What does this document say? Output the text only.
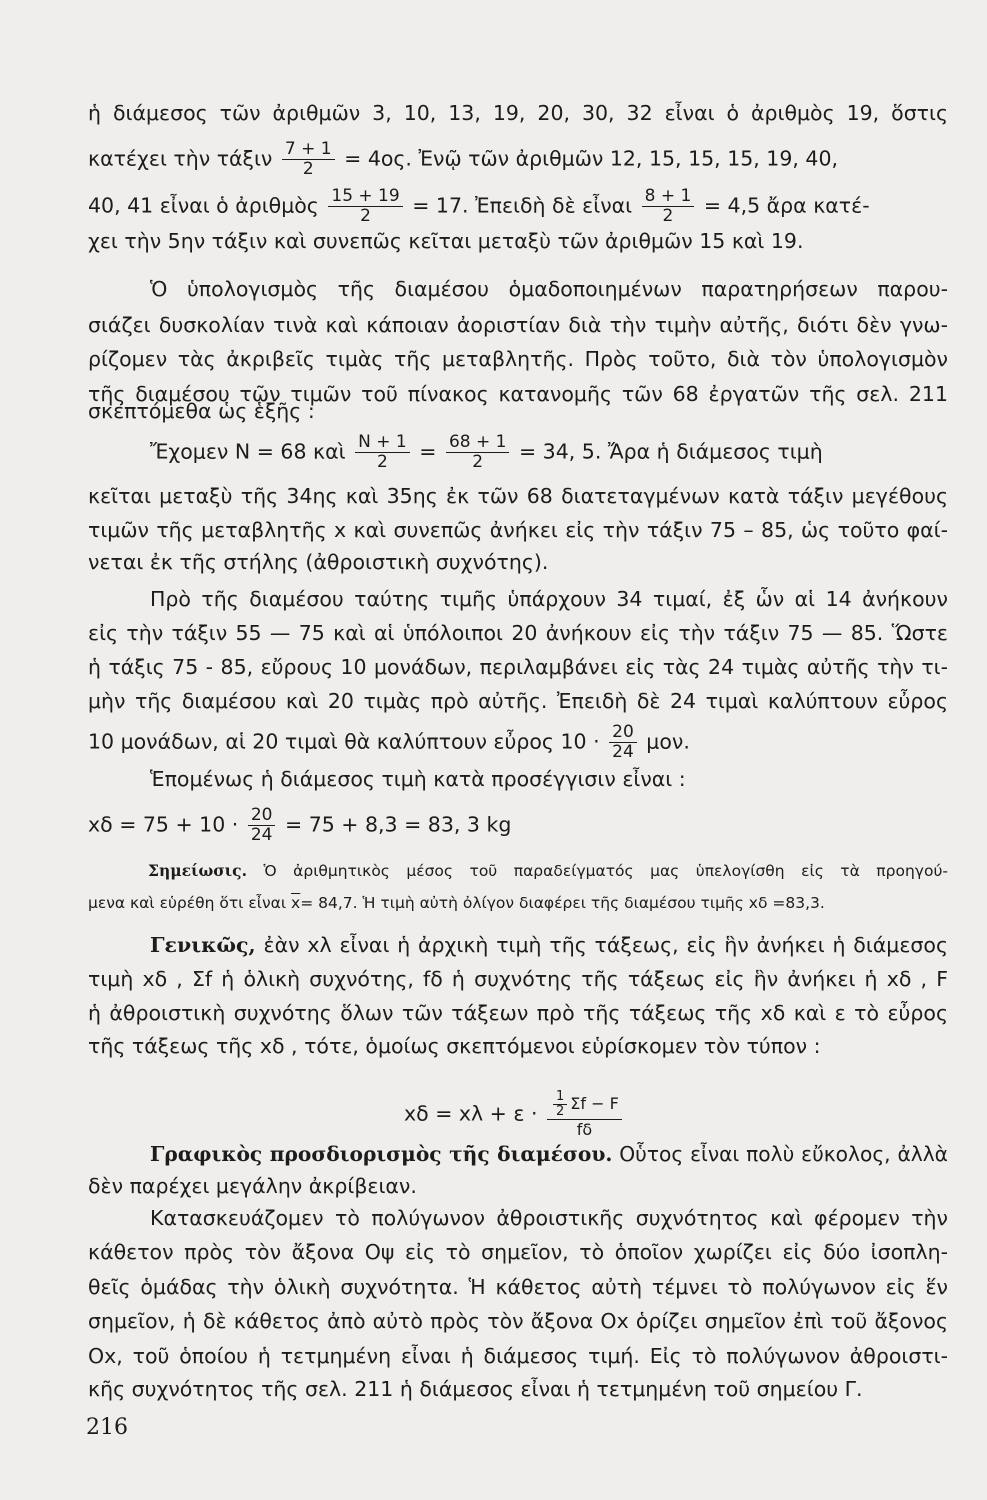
ἡ διάμεσος τῶν ἀριθμῶν 3, 10, 13, 19, 20, 30, 32 εἶναι ὁ ἀριθμὸς 19, ὅστις
κατέχει τὴν τάξιν $\frac{7 + 1}{2} = 4o\varsigma$. Ἐνῷ τῶν ἀριθμῶν 12, 15, 15, 15, 19, 40,
40, 41 εἶναι ὁ ἀριθμὸς $\frac{15 + 19}{2} = 17$. Ἐπειδὴ δὲ εἶναι $\frac{8 + 1}{2} = 4,5$ ἄρα κατέ-
χει τὴν 5ην τάξιν καὶ συνεπῶς κεῖται μεταξὺ τῶν ἀριθμῶν 15 καὶ 19.
Ὁ ὑπολογισμὸς τῆς διαμέσου ὁμαδοποιημένων παρατηρήσεων παρου-
σιάζει δυσκολίαν τινὰ καὶ κάποιαν ἀοριστίαν διὰ τὴν τιμὴν αὐτῆς, διότι δὲν γνω-
ρίζομεν τὰς ἀκριβεῖς τιμὰς τῆς μεταβλητῆς. Πρὸς τοῦτο, διὰ τὸν ὑπολογισμὸν
τῆς διαμέσου τῶν τιμῶν τοῦ πίνακος κατανομῆς τῶν 68 ἐργατῶν τῆς σελ. 211
σκεπτόμεθα ὡς ἑξῆς :
Ἔχομεν N = 68 καὶ $\frac{N + 1}{2} = \frac{68 + 1}{2} = 34$, 5. Ἄρα ἡ διάμεσος τιμὴ
κεῖται μεταξὺ τῆς 34ης καὶ 35ης ἐκ τῶν 68 διατεταγμένων κατὰ τάξιν μεγέθους
τιμῶν τῆς μεταβλητῆς x καὶ συνεπῶς ἀνήκει εἰς τὴν τάξιν 75 – 85, ὡς τοῦτο φαί-
νεται ἐκ τῆς στήλης (ἀθροιστικὴ συχνότης).
Πρὸ τῆς διαμέσου ταύτης τιμῆς ὑπάρχουν 34 τιμαί, ἐξ ὧν αἱ 14 ἀνήκουν
εἰς τὴν τάξιν 55 — 75 καὶ αἱ ὑπόλοιποι 20 ἀνήκουν εἰς τὴν τάξιν 75 — 85. Ὥστε
ἡ τάξις 75 - 85, εὔρους 10 μονάδων, περιλαμβάνει εἰς τὰς 24 τιμὰς αὐτῆς τὴν τι-
μὴν τῆς διαμέσου καὶ 20 τιμὰς πρὸ αὐτῆς. Ἐπειδὴ δὲ 24 τιμαὶ καλύπτουν εὖρος
10 μονάδων, αἱ 20 τιμαὶ θὰ καλύπτουν εὖρος $10 \cdot \frac{20}{24} \mu o\nu$.
Ἑπομένως ἡ διάμεσος τιμὴ κατὰ προσέγγισιν εἶναι :
$x\delta = 75 + 10 \cdot \frac{20}{24} = 75 + 8,3 = 83$, 3 kg
Σημείωσις. Ὁ ἀριθμητικὸς μέσος τοῦ παραδείγματός μας ὑπελογίσθη εἰς τὰ προηγού-
μενα καὶ εὑρέθη ὅτι εἶναι $\overline{x}= 84,7$. Ἡ τιμὴ αὐτὴ ὀλίγον διαφέρει τῆς διαμέσου τιμῆς xδ =83,3.
Γενικῶς, ἐὰν xλ εἶναι ἡ ἀρχικὴ τιμὴ τῆς τάξεως, εἰς ἣν ἀνήκει ἡ διάμεσος
τιμὴ xδ , Σf ἡ ὁλικὴ συχνότης, fδ ἡ συχνότης τῆς τάξεως εἰς ἣν ἀνήκει ἡ xδ , F
ἡ ἀθροιστικὴ συχνότης ὅλων τῶν τάξεων πρὸ τῆς τάξεως τῆς xδ καὶ ε τὸ εὖρος
τῆς τάξεως τῆς xδ , τότε, ὁμοίως σκεπτόμενοι εὑρίσκομεν τὸν τύπον :
$x\delta = x\lambda + \varepsilon \cdot \frac{\frac{1}{2} \Sigma f - F}{f\delta}$
Γραφικὸς προσδιορισμὸς τῆς διαμέσου. Οὗτος εἶναι πολὺ εὔκολος, ἀλλὰ
δὲν παρέχει μεγάλην ἀκρίβειαν.
Κατασκευάζομεν τὸ πολύγωνον ἀθροιστικῆς συχνότητος καὶ φέρομεν τὴν
κάθετον πρὸς τὸν ἄξονα Οψ εἰς τὸ σημεῖον, τὸ ὁποῖον χωρίζει εἰς δύο ἰσοπλη-
θεῖς ὁμάδας τὴν ὁλικὴ συχνότητα. Ἡ κάθετος αὐτὴ τέμνει τὸ πολύγωνον εἰς ἕν
σημεῖον, ἡ δὲ κάθετος ἀπὸ αὐτὸ πρὸς τὸν ἄξονα Οx ὁρίζει σημεῖον ἐπὶ τοῦ ἄξονος
Οx, τοῦ ὁποίου ἡ τετμημένη εἶναι ἡ διάμεσος τιμή. Εἰς τὸ πολύγωνον ἀθροιστι-
κῆς συχνότητος τῆς σελ. 211 ἡ διάμεσος εἶναι ἡ τετμημένη τοῦ σημείου Γ.
216
